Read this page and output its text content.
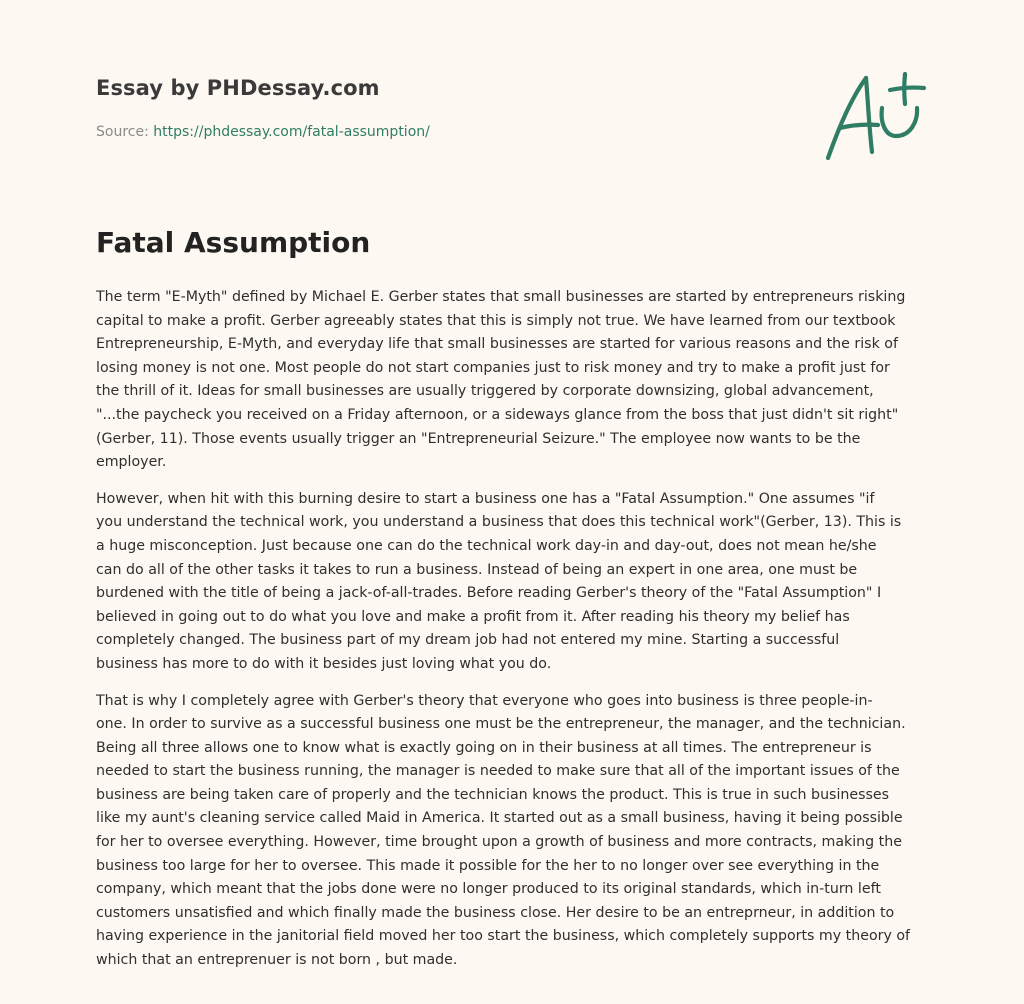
Essay by PHDessay.com

Source: https://phdessay.com/fatal-assumption/

Fatal Assumption

The term "E-Myth" defined by Michael E. Gerber states that small businesses are started by entrepreneurs risking
capital to make a profit. Gerber agreeably states that this is simply not true. We have learned from our textbook
Entrepreneurship, E-Myth, and everyday life that small businesses are started for various reasons and the risk of
losing money is not one. Most people do not start companies just to risk money and try to make a profit just for
the thrill of it. Ideas for small businesses are usually triggered by corporate downsizing, global advancement,
"...the paycheck you received on a Friday afternoon, or a sideways glance from the boss that just didn't sit right"
(Gerber, 11). Those events usually trigger an "Entrepreneurial Seizure." The employee now wants to be the
employer.

However, when hit with this burning desire to start a business one has a "Fatal Assumption." One assumes "if
you understand the technical work, you understand a business that does this technical work"(Gerber, 13). This is
a huge misconception. Just because one can do the technical work day-in and day-out, does not mean he/she
can do all of the other tasks it takes to run a business. Instead of being an expert in one area, one must be
burdened with the title of being a jack-of-all-trades. Before reading Gerber's theory of the "Fatal Assumption" I
believed in going out to do what you love and make a profit from it. After reading his theory my belief has
completely changed. The business part of my dream job had not entered my mine. Starting a successful
business has more to do with it besides just loving what you do.

That is why I completely agree with Gerber's theory that everyone who goes into business is three people-in-
one. In order to survive as a successful business one must be the entrepreneur, the manager, and the technician.
Being all three allows one to know what is exactly going on in their business at all times. The entrepreneur is
needed to start the business running, the manager is needed to make sure that all of the important issues of the
business are being taken care of properly and the technician knows the product. This is true in such businesses
like my aunt's cleaning service called Maid in America. It started out as a small business, having it being possible
for her to oversee everything. However, time brought upon a growth of business and more contracts, making the
business too large for her to oversee. This made it possible for the her to no longer over see everything in the
company, which meant that the jobs done were no longer produced to its original standards, which in-turn left
customers unsatisfied and which finally made the business close. Her desire to be an entreprneur, in addition to
having experience in the janitorial field moved her too start the business, which completely supports my theory of
which that an entreprenuer is not born , but made.
